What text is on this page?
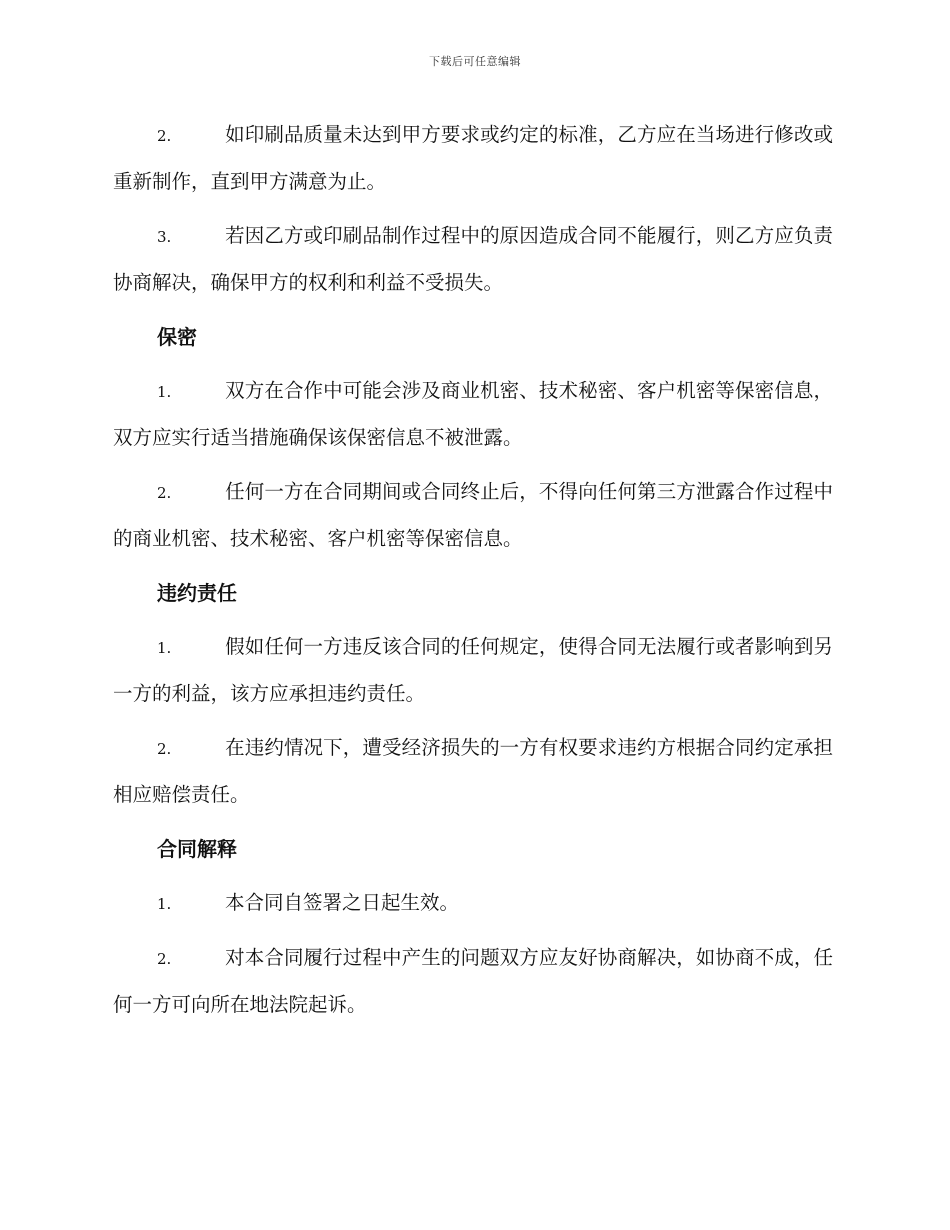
下载后可任意编辑

2.	如印刷品质量未达到甲方要求或约定的标准，乙方应在当场进行修改或重新制作，直到甲方满意为止。

3.	若因乙方或印刷品制作过程中的原因造成合同不能履行，则乙方应负责协商解决，确保甲方的权利和利益不受损失。

保密

1.	双方在合作中可能会涉及商业机密、技术秘密、客户机密等保密信息，双方应实行适当措施确保该保密信息不被泄露。

2.	任何一方在合同期间或合同终止后，不得向任何第三方泄露合作过程中的商业机密、技术秘密、客户机密等保密信息。

违约责任

1.	假如任何一方违反该合同的任何规定，使得合同无法履行或者影响到另一方的利益，该方应承担违约责任。

2.	在违约情况下，遭受经济损失的一方有权要求违约方根据合同约定承担相应赔偿责任。

合同解释

1.	本合同自签署之日起生效。

2.	对本合同履行过程中产生的问题双方应友好协商解决，如协商不成，任何一方可向所在地法院起诉。
